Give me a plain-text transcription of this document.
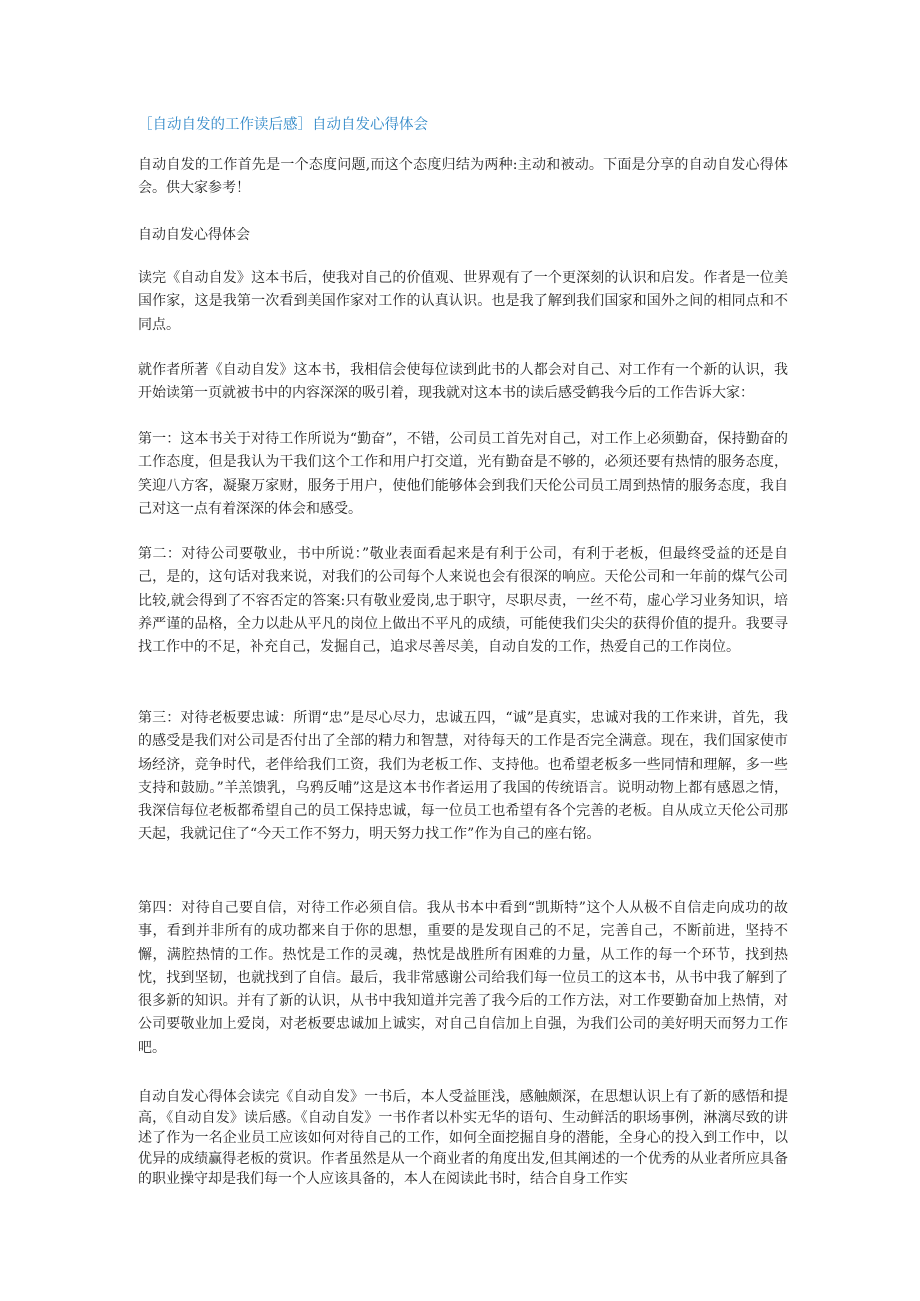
［自动自发的工作读后感］自动自发心得体会

自动自发的工作首先是一个态度问题,而这个态度归结为两种:主动和被动。下面是分享的自动自发心得体会。供大家参考！

自动自发心得体会

读完《自动自发》这本书后，使我对自己的价值观、世界观有了一个更深刻的认识和启发。作者是一位美国作家，这是我第一次看到美国作家对工作的认真认识。也是我了解到我们国家和国外之间的相同点和不同点。

就作者所著《自动自发》这本书，我相信会使每位读到此书的人都会对自己、对工作有一个新的认识，我开始读第一页就被书中的内容深深的吸引着，现我就对这本书的读后感受鹤我今后的工作告诉大家：

第一：这本书关于对待工作所说为“勤奋”，不错，公司员工首先对自己，对工作上必须勤奋，保持勤奋的工作态度，但是我认为干我们这个工作和用户打交道，光有勤奋是不够的，必须还要有热情的服务态度，笑迎八方客，凝聚万家财，服务于用户，使他们能够体会到我们天伦公司员工周到热情的服务态度，我自己对这一点有着深深的体会和感受。

第二：对待公司要敬业，书中所说：”敬业表面看起来是有利于公司，有利于老板，但最终受益的还是自己，是的，这句话对我来说，对我们的公司每个人来说也会有很深的响应。天伦公司和一年前的煤气公司比较,就会得到了不容否定的答案:只有敬业爱岗,忠于职守，尽职尽责，一丝不苟，虚心学习业务知识，培养严谨的品格，全力以赴从平凡的岗位上做出不平凡的成绩，可能使我们尖尖的获得价值的提升。我要寻找工作中的不足，补充自己，发掘自己，追求尽善尽美，自动自发的工作，热爱自己的工作岗位。

第三：对待老板要忠诚：所谓“忠”是尽心尽力，忠诚五四，“诚”是真实，忠诚对我的工作来讲，首先，我的感受是我们对公司是否付出了全部的精力和智慧，对待每天的工作是否完全满意。现在，我们国家使市场经济，竞争时代，老伴给我们工资，我们为老板工作、支持他。也希望老板多一些同情和理解，多一些支持和鼓励。”羊羔馈乳，乌鸦反哺”这是这本书作者运用了我国的传统语言。说明动物上都有感恩之情，我深信每位老板都希望自己的员工保持忠诚，每一位员工也希望有各个完善的老板。自从成立天伦公司那天起，我就记住了“今天工作不努力，明天努力找工作”作为自己的座右铭。

第四：对待自己要自信，对待工作必须自信。我从书本中看到“凯斯特”这个人从极不自信走向成功的故事，看到并非所有的成功都来自于你的思想，重要的是发现自己的不足，完善自己，不断前进，坚持不懈，满腔热情的工作。热忱是工作的灵魂，热忱是战胜所有困难的力量，从工作的每一个环节，找到热忱，找到坚韧，也就找到了自信。最后，我非常感谢公司给我们每一位员工的这本书，从书中我了解到了很多新的知识。并有了新的认识，从书中我知道并完善了我今后的工作方法，对工作要勤奋加上热情，对公司要敬业加上爱岗，对老板要忠诚加上诚实，对自己自信加上自强，为我们公司的美好明天而努力工作吧。

自动自发心得体会读完《自动自发》一书后，本人受益匪浅，感触颇深，在思想认识上有了新的感悟和提高，《自动自发》读后感。《自动自发》一书作者以朴实无华的语句、生动鲜活的职场事例，淋漓尽致的讲述了作为一名企业员工应该如何对待自己的工作，如何全面挖掘自身的潜能，全身心的投入到工作中，以优异的成绩赢得老板的赏识。作者虽然是从一个商业者的角度出发,但其阐述的一个优秀的从业者所应具备的职业操守却是我们每一个人应该具备的，本人在阅读此书时，结合自身工作实
